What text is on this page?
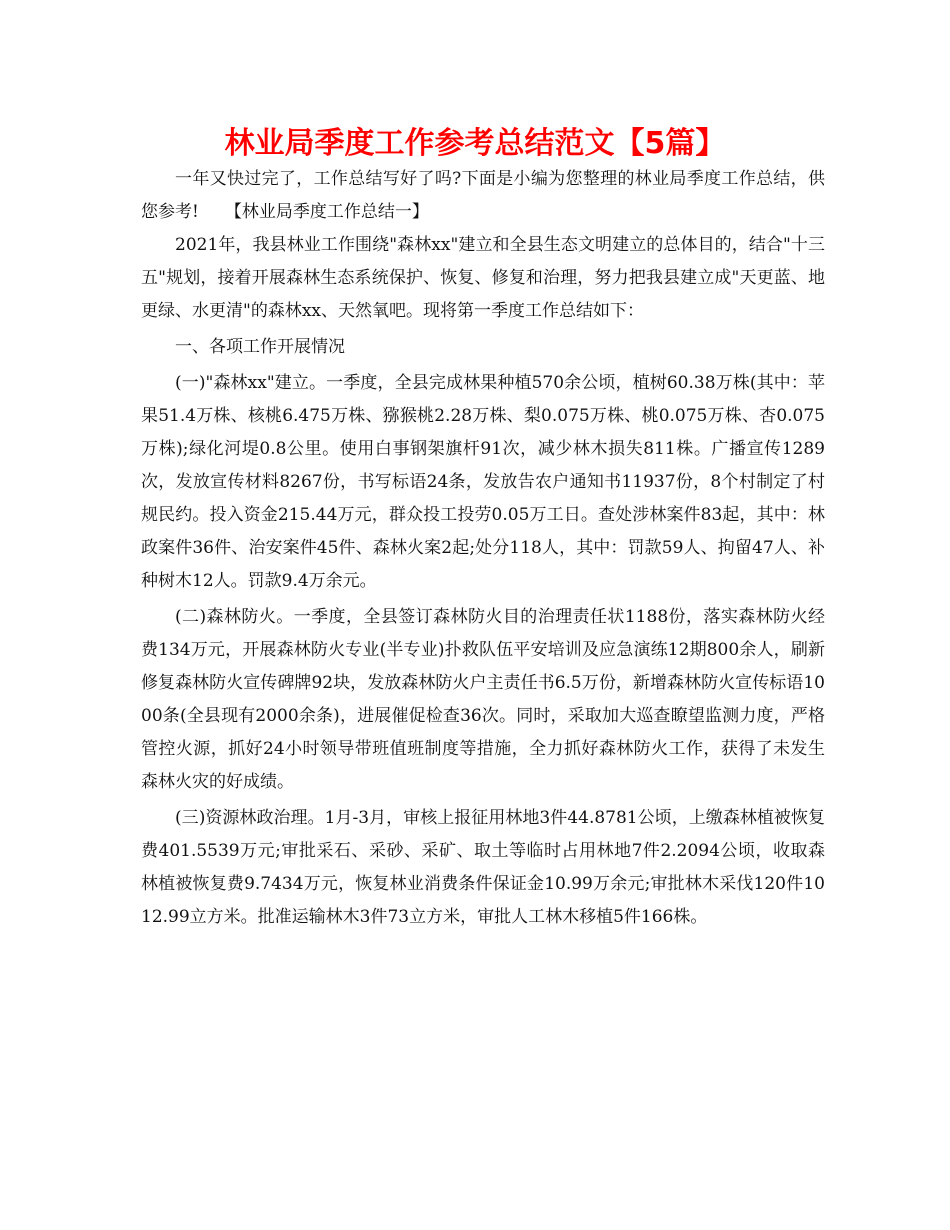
林业局季度工作参考总结范文【5篇】

一年又快过完了，工作总结写好了吗?下面是小编为您整理的林业局季度工作总结，供您参考! 【林业局季度工作总结一】

2021年，我县林业工作围绕"森林xx"建立和全县生态文明建立的总体目的，结合"十三五"规划，接着开展森林生态系统保护、恢复、修复和治理，努力把我县建立成"天更蓝、地更绿、水更清"的森林xx、天然氧吧。现将第一季度工作总结如下：

一、各项工作开展情况

(一)"森林xx"建立。一季度，全县完成林果种植570余公顷，植树60.38万株(其中：苹果51.4万株、核桃6.475万株、猕猴桃2.28万株、梨0.075万株、桃0.075万株、杏0.075万株);绿化河堤0.8公里。使用白事钢架旗杆91次，减少林木损失811株。广播宣传1289次，发放宣传材料8267份，书写标语24条，发放告农户通知书11937份，8个村制定了村规民约。投入资金215.44万元，群众投工投劳0.05万工日。查处涉林案件83起，其中：林政案件36件、治安案件45件、森林火案2起;处分118人，其中：罚款59人、拘留47人、补种树木12人。罚款9.4万余元。

(二)森林防火。一季度，全县签订森林防火目的治理责任状1188份，落实森林防火经费134万元，开展森林防火专业(半专业)扑救队伍平安培训及应急演练12期800余人，刷新修复森林防火宣传碑牌92块，发放森林防火户主责任书6.5万份，新增森林防火宣传标语1000条(全县现有2000余条)，进展催促检查36次。同时，采取加大巡查瞭望监测力度，严格管控火源，抓好24小时领导带班值班制度等措施，全力抓好森林防火工作，获得了未发生森林火灾的好成绩。

(三)资源林政治理。1月-3月，审核上报征用林地3件44.8781公顷，上缴森林植被恢复费401.5539万元;审批采石、采砂、采矿、取土等临时占用林地7件2.2094公顷，收取森林植被恢复费9.7434万元，恢复林业消费条件保证金10.99万余元;审批林木采伐120件1012.99立方米。批准运输林木3件73立方米，审批人工林木移植5件166株。
